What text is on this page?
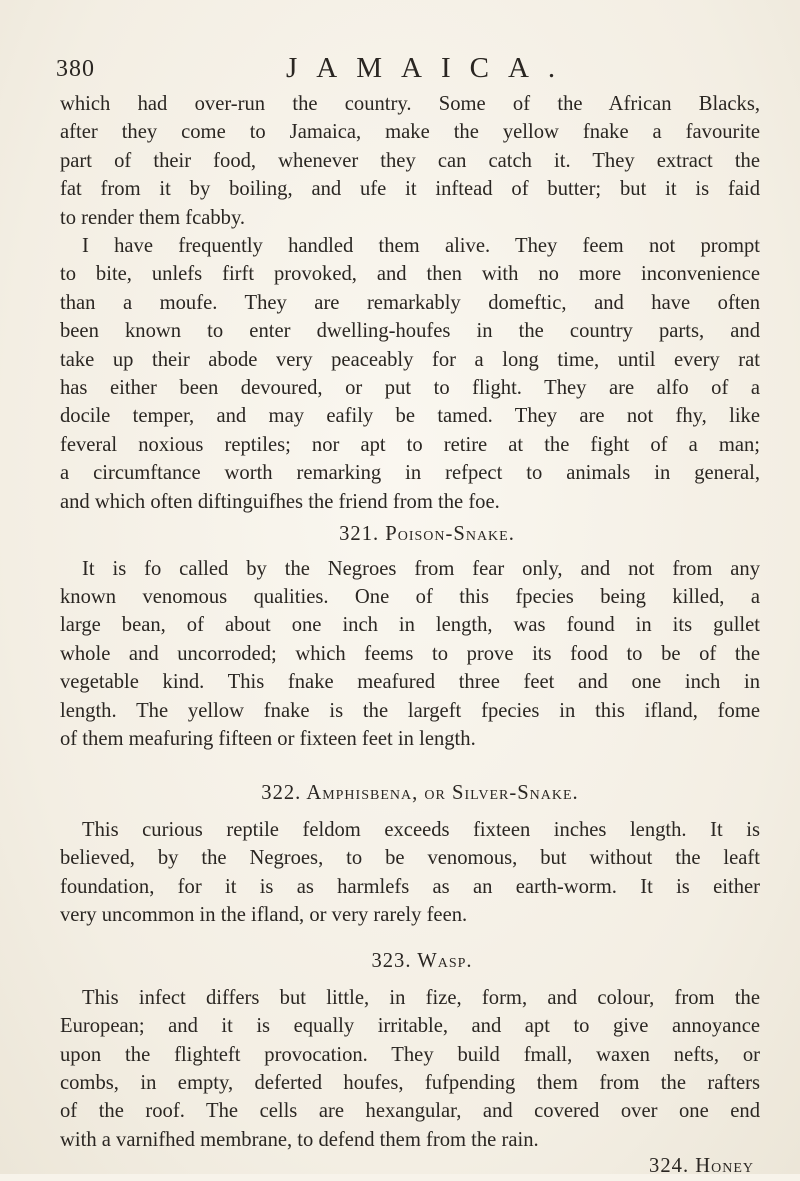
380	JAMAICA.
which had over-run the country. Some of the African Blacks,
after they come to Jamaica, make the yellow fnake a favourite
part of their food, whenever they can catch it. They extract the
fat from it by boiling, and ufe it inftead of butter; but it is faid
to render them fcabby.
I have frequently handled them alive. They feem not prompt
to bite, unlefs firft provoked, and then with no more inconvenience
than a moufe. They are remarkably domeftic, and have often
been known to enter dwelling-houfes in the country parts, and
take up their abode very peaceably for a long time, until every rat
has either been devoured, or put to flight. They are alfo of a
docile temper, and may eafily be tamed. They are not fhy, like
feveral noxious reptiles; nor apt to retire at the fight of a man;
a circumftance worth remarking in refpect to animals in general,
and which often diftinguifhes the friend from the foe.
321. Poison-Snake.
It is fo called by the Negroes from fear only, and not from any
known venomous qualities. One of this fpecies being killed, a
large bean, of about one inch in length, was found in its gullet
whole and uncorroded; which feems to prove its food to be of the
vegetable kind. This fnake meafured three feet and one inch in
length. The yellow fnake is the largeft fpecies in this ifland, fome
of them meafuring fifteen or fixteen feet in length.
322. Amphisbena, or Silver-Snake.
This curious reptile feldom exceeds fixteen inches length. It is
believed, by the Negroes, to be venomous, but without the leaft
foundation, for it is as harmlefs as an earth-worm. It is either
very uncommon in the ifland, or very rarely feen.
323. Wasp.
This infect differs but little, in fize, form, and colour, from the
European; and it is equally irritable, and apt to give annoyance
upon the flighteft provocation. They build fmall, waxen nefts, or
combs, in empty, deferted houfes, fufpending them from the rafters
of the roof. The cells are hexangular, and covered over one end
with a varnifhed membrane, to defend them from the rain.
324. Honey
